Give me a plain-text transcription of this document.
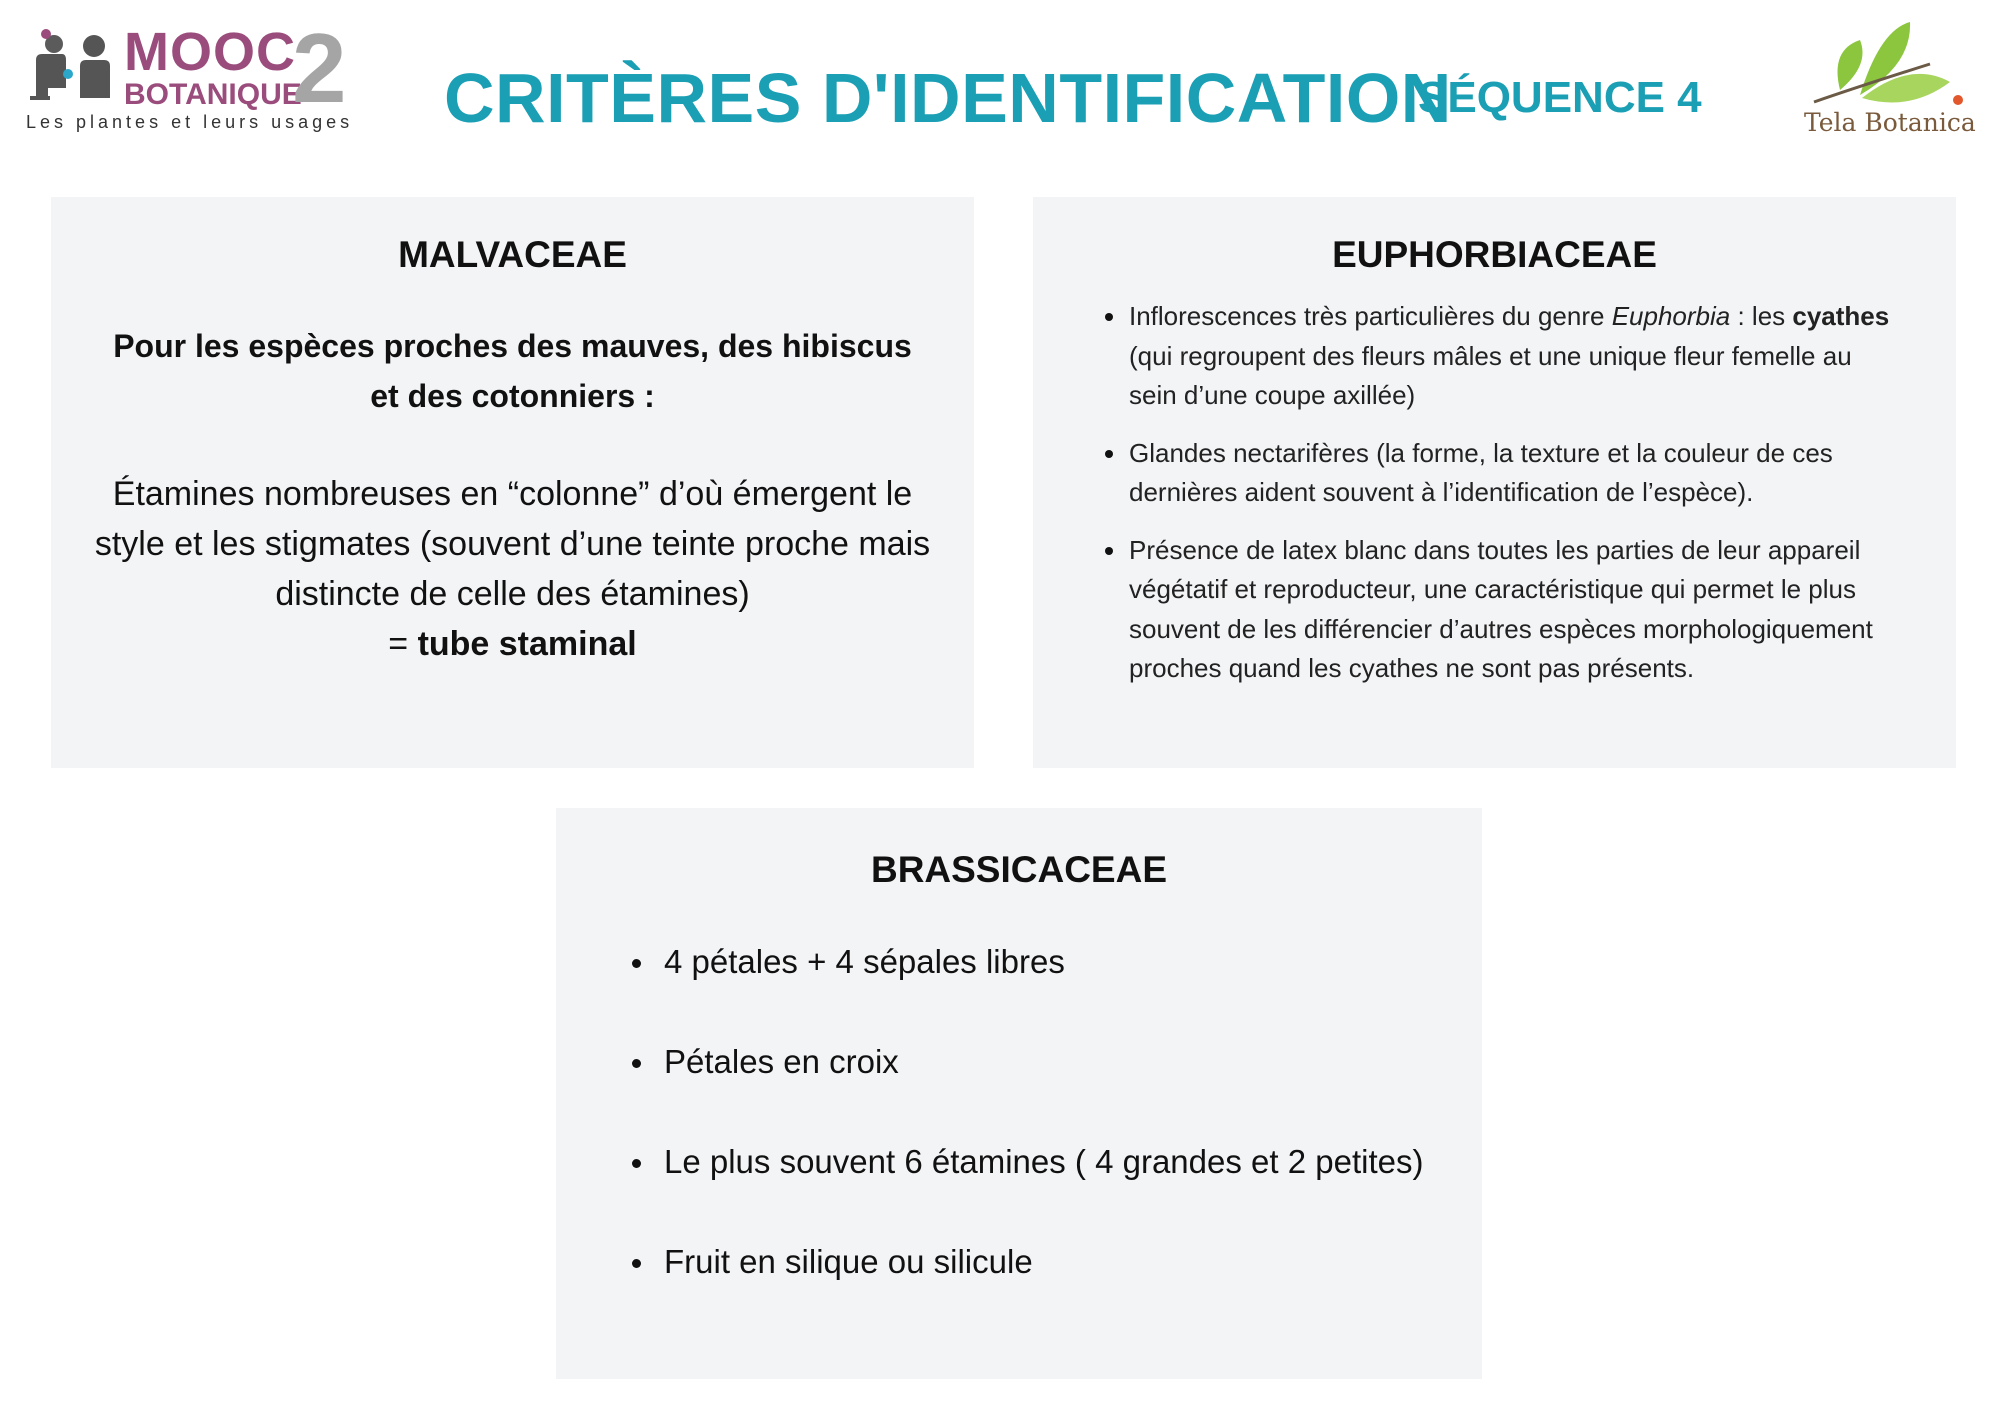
MOOC
BOTANIQUE
2
Les plantes et leurs usages CRITÈRES D'IDENTIFICATION
SÉQUENCE 4
Tela Botanica
MALVACEAE
Pour les espèces proches des mauves, des hibiscus et des cotonniers :
Étamines nombreuses en “colonne” d’où émergent le style et les stigmates (souvent d’une teinte proche mais distincte de celle des étamines)
= tube staminal
EUPHORBIACEAE
Inflorescences très particulières du genre Euphorbia : les cyathes (qui regroupent des fleurs mâles et une unique fleur femelle au sein d’une coupe axillée)
Glandes nectarifères (la forme, la texture et la couleur de ces dernières aident souvent à l’identification de l’espèce).
Présence de latex blanc dans toutes les parties de leur appareil végétatif et reproducteur, une caractéristique qui permet le plus souvent de les différencier d’autres espèces morphologiquement proches quand les cyathes ne sont pas présents.
BRASSICACEAE
4 pétales + 4 sépales libres
Pétales en croix
Le plus souvent 6 étamines ( 4 grandes et 2 petites)
Fruit en silique ou silicule
